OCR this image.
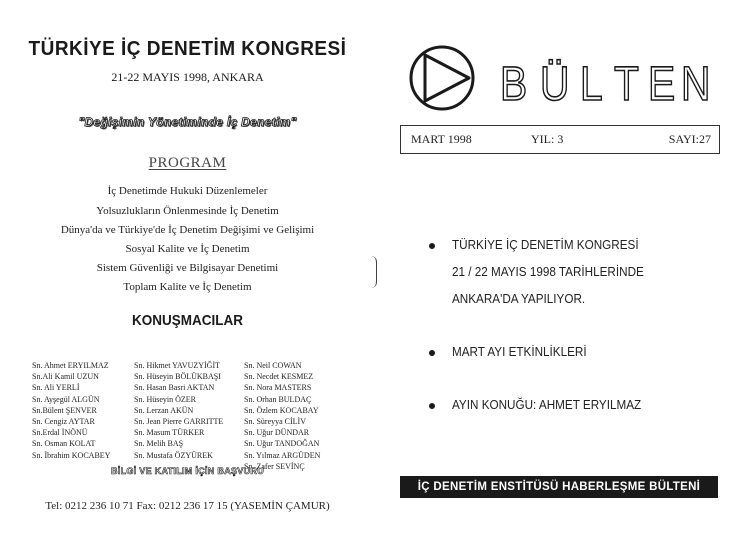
TÜRKİYE İÇ DENETİM KONGRESİ
21-22 MAYIS 1998, ANKARA
"Değişimin Yönetiminde İç Denetim"
PROGRAM
İç Denetimde Hukuki Düzenlemeler
Yolsuzlukların Önlenmesinde İç Denetim
Dünya'da ve Türkiye'de İç Denetim Değişimi ve Gelişimi
Sosyal Kalite ve İç Denetim
Sistem Güvenliği ve Bilgisayar Denetimi
Toplam Kalite ve İç Denetim
KONUŞMACILAR
Sn. Ahmet ERYILMAZ
Sn.Ali Kamil UZUN
Sn. Ali YERLİ
Sn. Ayşegül ALGÜN
Sn.Bülent ŞENVER
Sn. Cengiz AYTAR
Sn.Erdal İNÖNÜ
Sn. Osman KOLAT
Sn. İbrahim KOCABEY
Sn. Hikmet YAVUZYİĞİT
Sn. Hüseyin BÖLÜKBAŞI
Sn. Hasan Basri AKTAN
Sn. Hüseyin ÖZER
Sn. Lerzan AKÜN
Sn. Jean Pierre GARRITTE
Sn. Masum TÜRKER
Sn. Melih BAŞ
Sn. Mustafa ÖZYÜREK
Sn. Neil COWAN
Sn. Necdet KESMEZ
Sn. Nora MASTERS
Sn. Orhan BULDAÇ
Sn. Özlem KOCABAY
Sn. Süreyya CİLİV
Sn. Uğur DÜNDAR
Sn. Uğur TANDOĞAN
Sn. Yılmaz ARGÜDEN
Sn. Zafer SEVİNÇ
BİLGİ VE KATILIM İÇİN BAŞVURU
Tel: 0212 236 10 71 Fax: 0212 236 17 15 (YASEMİN ÇAMUR)
B Ü L T E N
MART 1998	YIL: 3	SAYI:27
TÜRKİYE İÇ DENETİM KONGRESİ
21 / 22 MAYIS 1998 TARİHLERİNDE
ANKARA'DA YAPILIYOR.
MART AYI ETKİNLİKLERİ
AYIN KONUĞU: AHMET ERYILMAZ
İÇ DENETİM ENSTİTÜSÜ HABERLEŞME BÜLTENİ
